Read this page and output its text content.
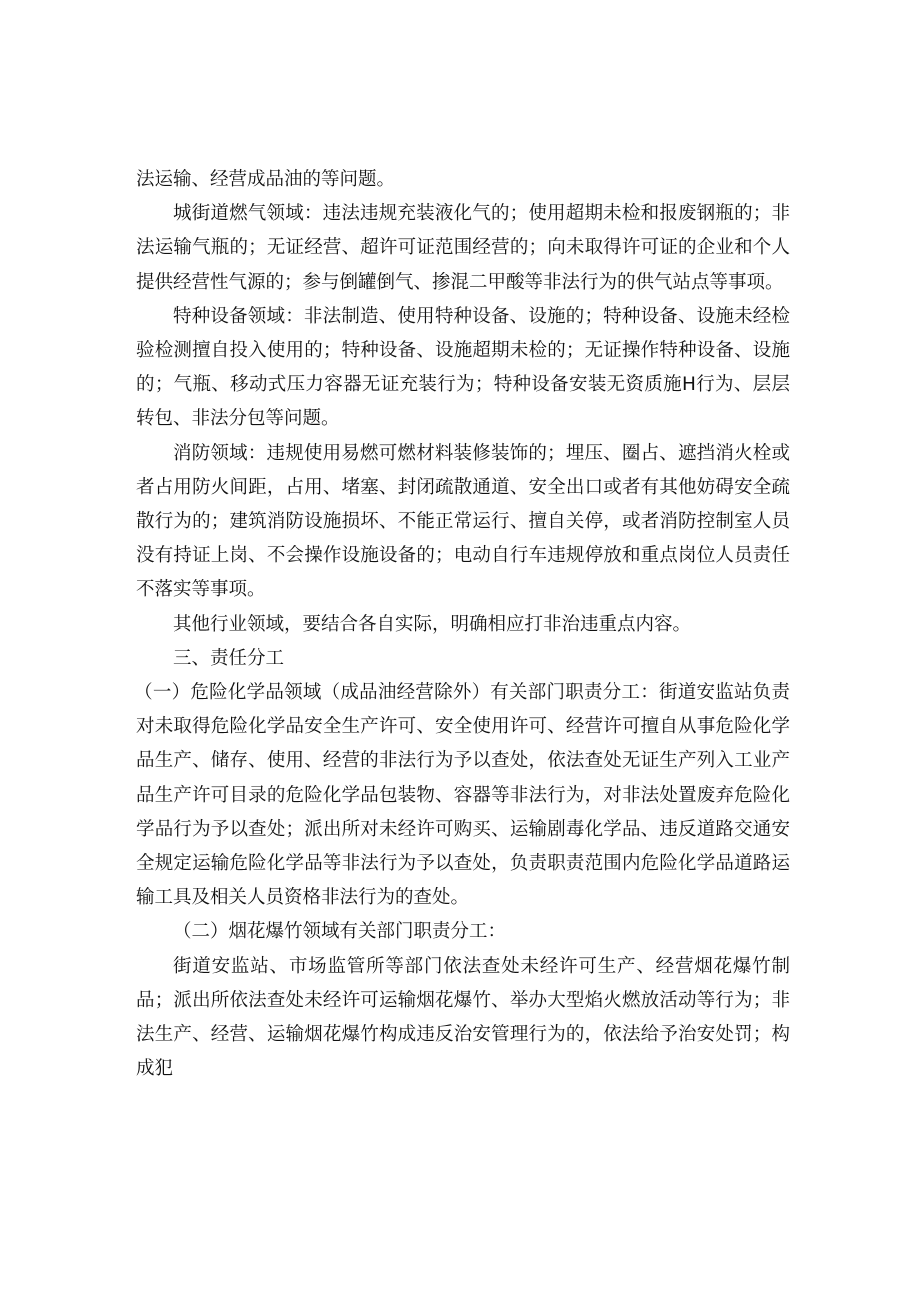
法运输、经营成品油的等问题。

城街道燃气领域：违法违规充装液化气的；使用超期未检和报废钢瓶的；非法运输气瓶的；无证经营、超许可证范围经营的；向未取得许可证的企业和个人提供经营性气源的；参与倒罐倒气、掺混二甲酸等非法行为的供气站点等事项。

特种设备领域：非法制造、使用特种设备、设施的；特种设备、设施未经检验检测擅自投入使用的；特种设备、设施超期未检的；无证操作特种设备、设施的；气瓶、移动式压力容器无证充装行为；特种设备安装无资质施H行为、层层转包、非法分包等问题。

消防领域：违规使用易燃可燃材料装修装饰的；埋压、圈占、遮挡消火栓或者占用防火间距，占用、堵塞、封闭疏散通道、安全出口或者有其他妨碍安全疏散行为的；建筑消防设施损坏、不能正常运行、擅自关停，或者消防控制室人员没有持证上岗、不会操作设施设备的；电动自行车违规停放和重点岗位人员责任不落实等事项。

其他行业领域，要结合各自实际，明确相应打非治违重点内容。

三、责任分工

（一）危险化学品领域（成品油经营除外）有关部门职责分工：街道安监站负责对未取得危险化学品安全生产许可、安全使用许可、经营许可擅自从事危险化学品生产、储存、使用、经营的非法行为予以查处，依法查处无证生产列入工业产品生产许可目录的危险化学品包装物、容器等非法行为，对非法处置废弃危险化学品行为予以查处；派出所对未经许可购买、运输剧毒化学品、违反道路交通安全规定运输危险化学品等非法行为予以查处，负责职责范围内危险化学品道路运输工具及相关人员资格非法行为的查处。

（二）烟花爆竹领域有关部门职责分工：

街道安监站、市场监管所等部门依法查处未经许可生产、经营烟花爆竹制品；派出所依法查处未经许可运输烟花爆竹、举办大型焰火燃放活动等行为；非法生产、经营、运输烟花爆竹构成违反治安管理行为的，依法给予治安处罚；构成犯
